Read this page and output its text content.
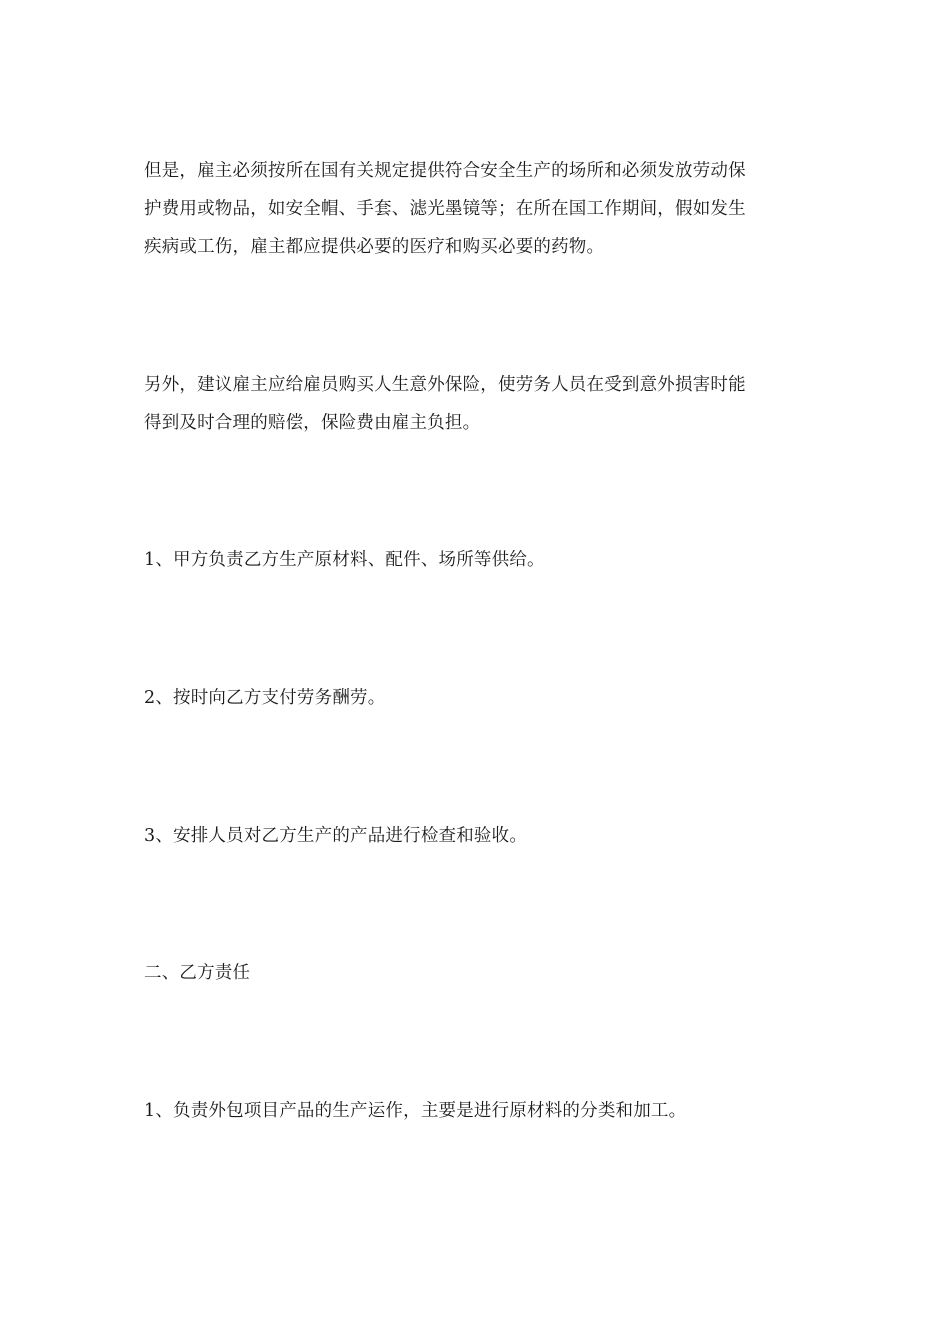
但是，雇主必须按所在国有关规定提供符合安全生产的场所和必须发放劳动保
护费用或物品，如安全帽、手套、滤光墨镜等；在所在国工作期间，假如发生
疾病或工伤，雇主都应提供必要的医疗和购买必要的药物。

另外，建议雇主应给雇员购买人生意外保险，使劳务人员在受到意外损害时能
得到及时合理的赔偿，保险费由雇主负担。

1、甲方负责乙方生产原材料、配件、场所等供给。

2、按时向乙方支付劳务酬劳。

3、安排人员对乙方生产的产品进行检查和验收。

二、乙方责任

1、负责外包项目产品的生产运作，主要是进行原材料的分类和加工。
